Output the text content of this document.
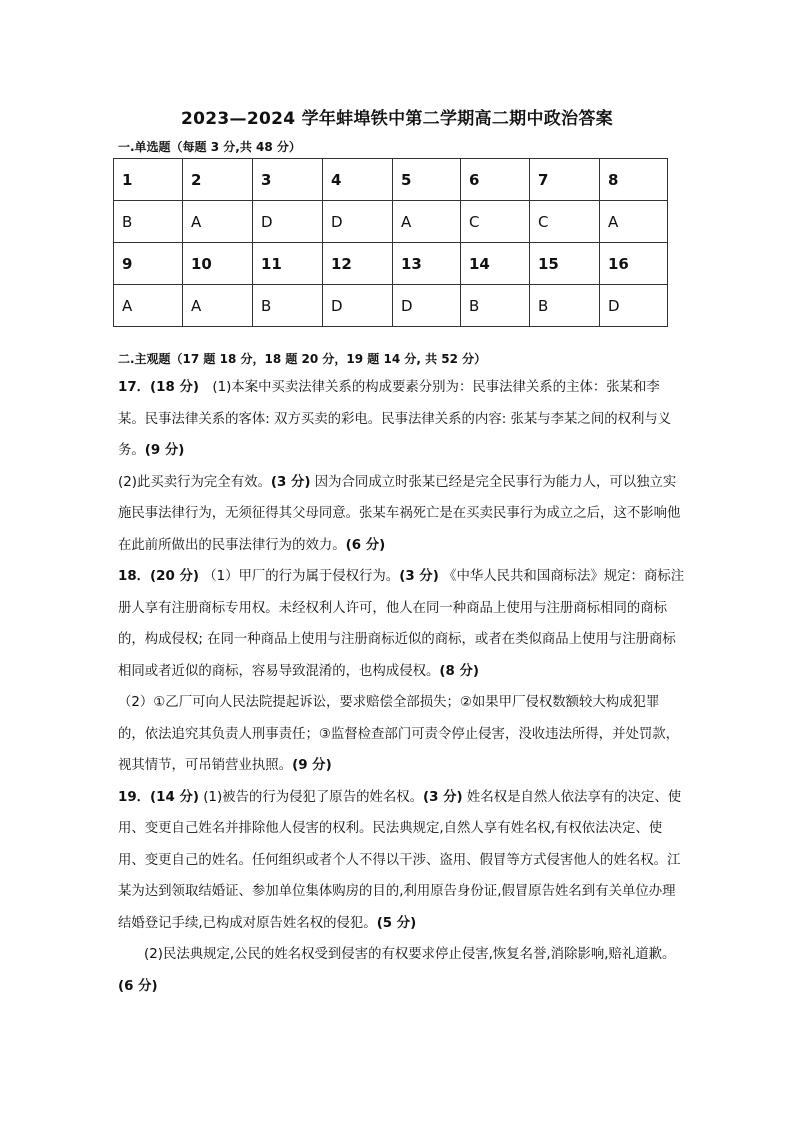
2023—2024 学年蚌埠铁中第二学期高二期中政治答案
一.单选题（每题 3 分,共 48 分）
1	2	3	4	5	6	7	8
B	A	D	D	A	C	C	A
9	10	11	12	13	14	15	16
A	A	B	D	D	B	B	D
二.主观题（17 题 18 分，18 题 20 分，19 题 14 分, 共 52 分）

17．(18 分)　(1)本案中买卖法律关系的构成要素分别为：民事法律关系的主体：张某和李某。民事法律关系的客体: 双方买卖的彩电。民事法律关系的内容: 张某与李某之间的权利与义务。(9 分)

(2)此买卖行为完全有效。(3 分) 因为合同成立时张某已经是完全民事行为能力人，可以独立实施民事法律行为，无须征得其父母同意。张某车祸死亡是在买卖民事行为成立之后，这不影响他在此前所做出的民事法律行为的效力。(6 分)

18．(20 分) （1）甲厂的行为属于侵权行为。(3 分) 《中华人民共和国商标法》规定：商标注册人享有注册商标专用权。未经权利人许可，他人在同一种商品上使用与注册商标相同的商标的，构成侵权; 在同一种商品上使用与注册商标近似的商标，或者在类似商品上使用与注册商标相同或者近似的商标，容易导致混淆的，也构成侵权。(8 分)

（2）①乙厂可向人民法院提起诉讼，要求赔偿全部损失；②如果甲厂侵权数额较大构成犯罪的，依法追究其负责人刑事责任；③监督检查部门可责令停止侵害，没收违法所得，并处罚款，视其情节，可吊销营业执照。(9 分)

19．(14 分) (1)被告的行为侵犯了原告的姓名权。(3 分) 姓名权是自然人依法享有的决定、使用、变更自己姓名并排除他人侵害的权利。民法典规定,自然人享有姓名权,有权依法决定、使用、变更自己的姓名。任何组织或者个人不得以干涉、盗用、假冒等方式侵害他人的姓名权。江某为达到领取结婚证、参加单位集体购房的目的,利用原告身份证,假冒原告姓名到有关单位办理结婚登记手续,已构成对原告姓名权的侵犯。(5 分)

(2)民法典规定,公民的姓名权受到侵害的有权要求停止侵害,恢复名誉,消除影响,赔礼道歉。(6 分)
